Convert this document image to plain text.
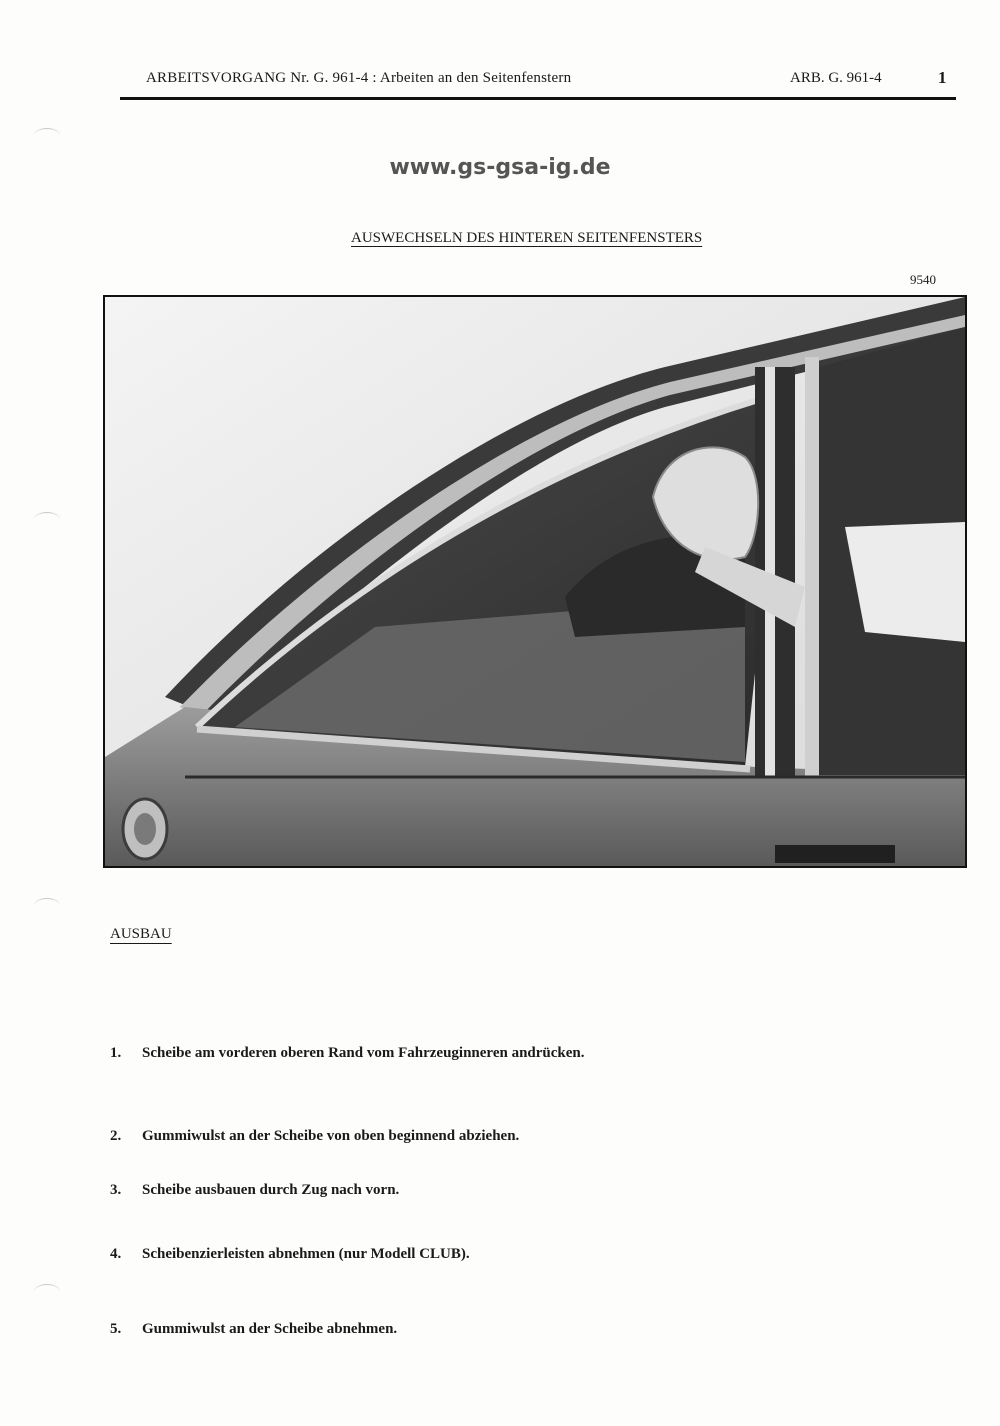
ARBEITSVORGANG Nr. G. 961-4 : Arbeiten an den Seitenfenstern	ARB. G. 961-4	1
www.gs-gsa-ig.de
AUSWECHSELN DES HINTEREN SEITENFENSTERS
9540
AUSBAU
1. Scheibe am vorderen oberen Rand vom Fahrzeuginneren andrücken.
2. Gummiwulst an der Scheibe von oben beginnend abziehen.
3. Scheibe ausbauen durch Zug nach vorn.
4. Scheibenzierleisten abnehmen (nur Modell CLUB).
5. Gummiwulst an der Scheibe abnehmen.
